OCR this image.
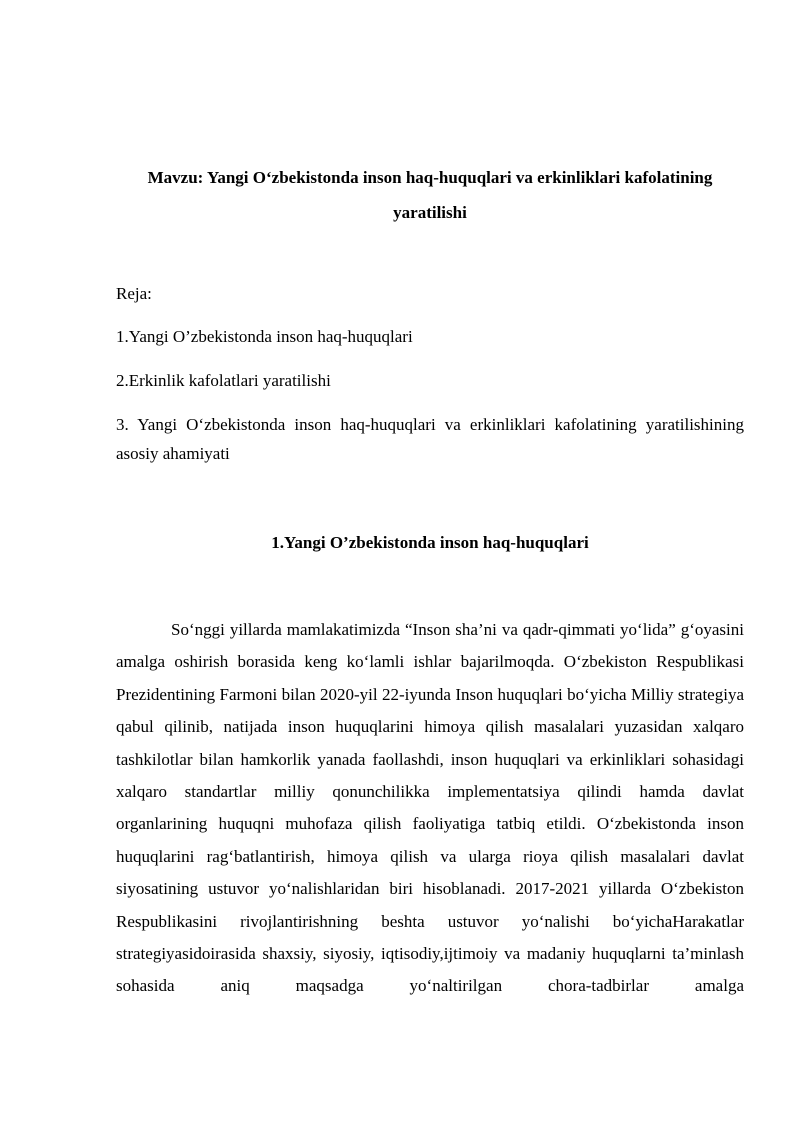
Mavzu: Yangi O‘zbekistonda inson haq-huquqlari va erkinliklari kafolatining yaratilishi

Reja:

1.Yangi O’zbekistonda inson haq-huquqlari

2.Erkinlik kafolatlari yaratilishi

3. Yangi O‘zbekistonda inson haq-huquqlari va erkinliklari kafolatining yaratilishining asosiy ahamiyati

1.Yangi O’zbekistonda inson haq-huquqlari

So‘nggi yillarda mamlakatimizda “Inson sha’ni va qadr-qimmati yo‘lida” g‘oyasini amalga oshirish borasida keng ko‘lamli ishlar bajarilmoqda. O‘zbekiston Respublikasi Prezidentining Farmoni bilan 2020-yil 22-iyunda Inson huquqlari bo‘yicha Milliy strategiya qabul qilinib, natijada inson huquqlarini himoya qilish masalalari yuzasidan xalqaro tashkilotlar bilan hamkorlik yanada faollashdi, inson huquqlari va erkinliklari sohasidagi xalqaro standartlar milliy qonunchilikka implementatsiya qilindi hamda davlat organlarining huquqni muhofaza qilish faoliyatiga tatbiq etildi. O‘zbekistonda inson huquqlarini rag‘batlantirish, himoya qilish va ularga rioya qilish masalalari davlat siyosatining ustuvor yo‘nalishlaridan biri hisoblanadi. 2017-2021 yillarda O‘zbekiston Respublikasini rivojlantirishning beshta ustuvor yo‘nalishi bo‘yichaHarakatlar strategiyasidoirasida shaxsiy, siyosiy, iqtisodiy,ijtimoiy va madaniy huquqlarni ta’minlash sohasida aniq maqsadga yo‘naltirilgan chora-tadbirlar amalga
